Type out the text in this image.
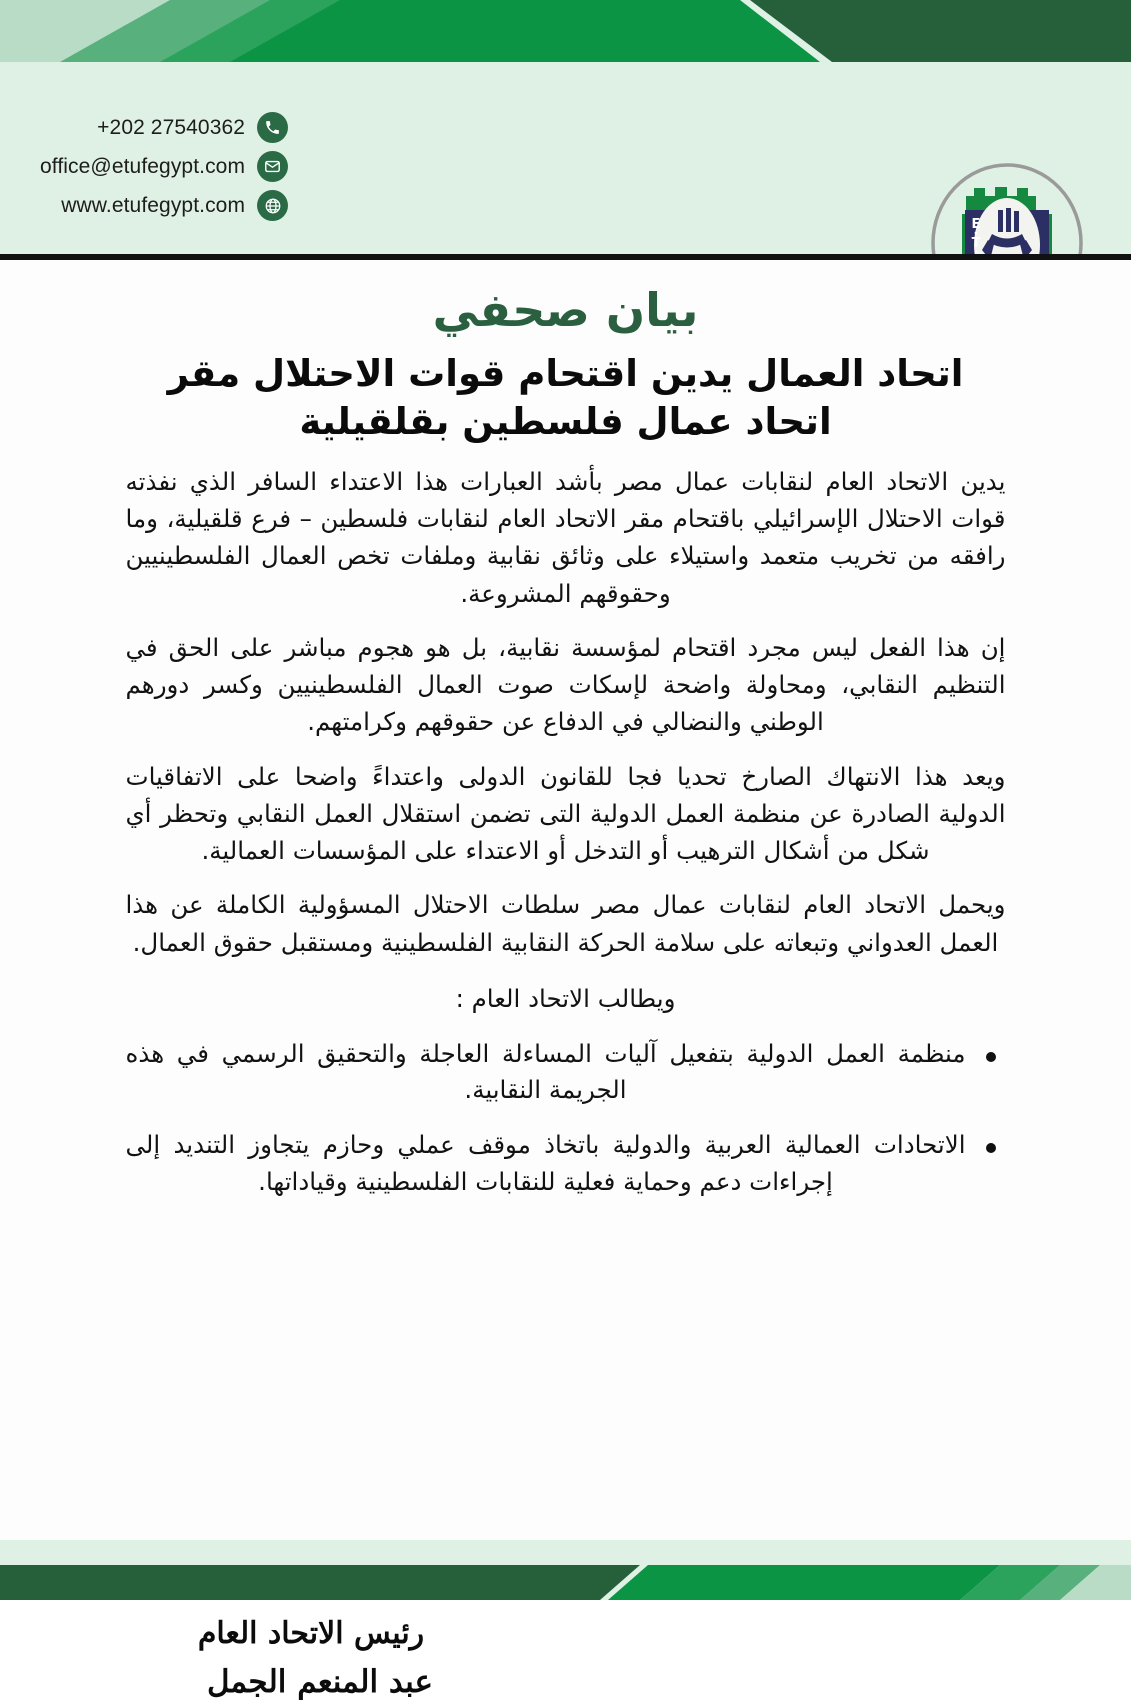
+202 27540362
office@etufegypt.com
www.etufegypt.com
E
T
بيان صحفي
اتحاد العمال يدين اقتحام قوات الاحتلال مقر اتحاد عمال فلسطين بقلقيلية

يدين الاتحاد العام لنقابات عمال مصر بأشد العبارات هذا الاعتداء السافر الذي نفذته قوات الاحتلال الإسرائيلي باقتحام مقر الاتحاد العام لنقابات فلسطين – فرع قلقيلية، وما رافقه من تخريب متعمد واستيلاء على وثائق نقابية وملفات تخص العمال الفلسطينيين وحقوقهم المشروعة.

إن هذا الفعل ليس مجرد اقتحام لمؤسسة نقابية، بل هو هجوم مباشر على الحق في التنظيم النقابي، ومحاولة واضحة لإسكات صوت العمال الفلسطينيين وكسر دورهم الوطني والنضالي في الدفاع عن حقوقهم وكرامتهم.

ويعد هذا الانتهاك الصارخ تحديا فجا للقانون الدولى واعتداءً واضحا على الاتفاقيات الدولية الصادرة عن منظمة العمل الدولية التى تضمن استقلال العمل النقابي وتحظر أي شكل من أشكال الترهيب أو التدخل أو الاعتداء على المؤسسات العمالية.

ويحمل الاتحاد العام لنقابات عمال مصر سلطات الاحتلال المسؤولية الكاملة عن هذا العمل العدواني وتبعاته على سلامة الحركة النقابية الفلسطينية ومستقبل حقوق العمال.

ويطالب الاتحاد العام :

منظمة العمل الدولية بتفعيل آليات المساءلة العاجلة والتحقيق الرسمي في هذه الجريمة النقابية.
الاتحادات العمالية العربية والدولية باتخاذ موقف عملي وحازم يتجاوز التنديد إلى إجراءات دعم وحماية فعلية للنقابات الفلسطينية وقياداتها.
رئيس الاتحاد العام
عبد المنعم الجمل
